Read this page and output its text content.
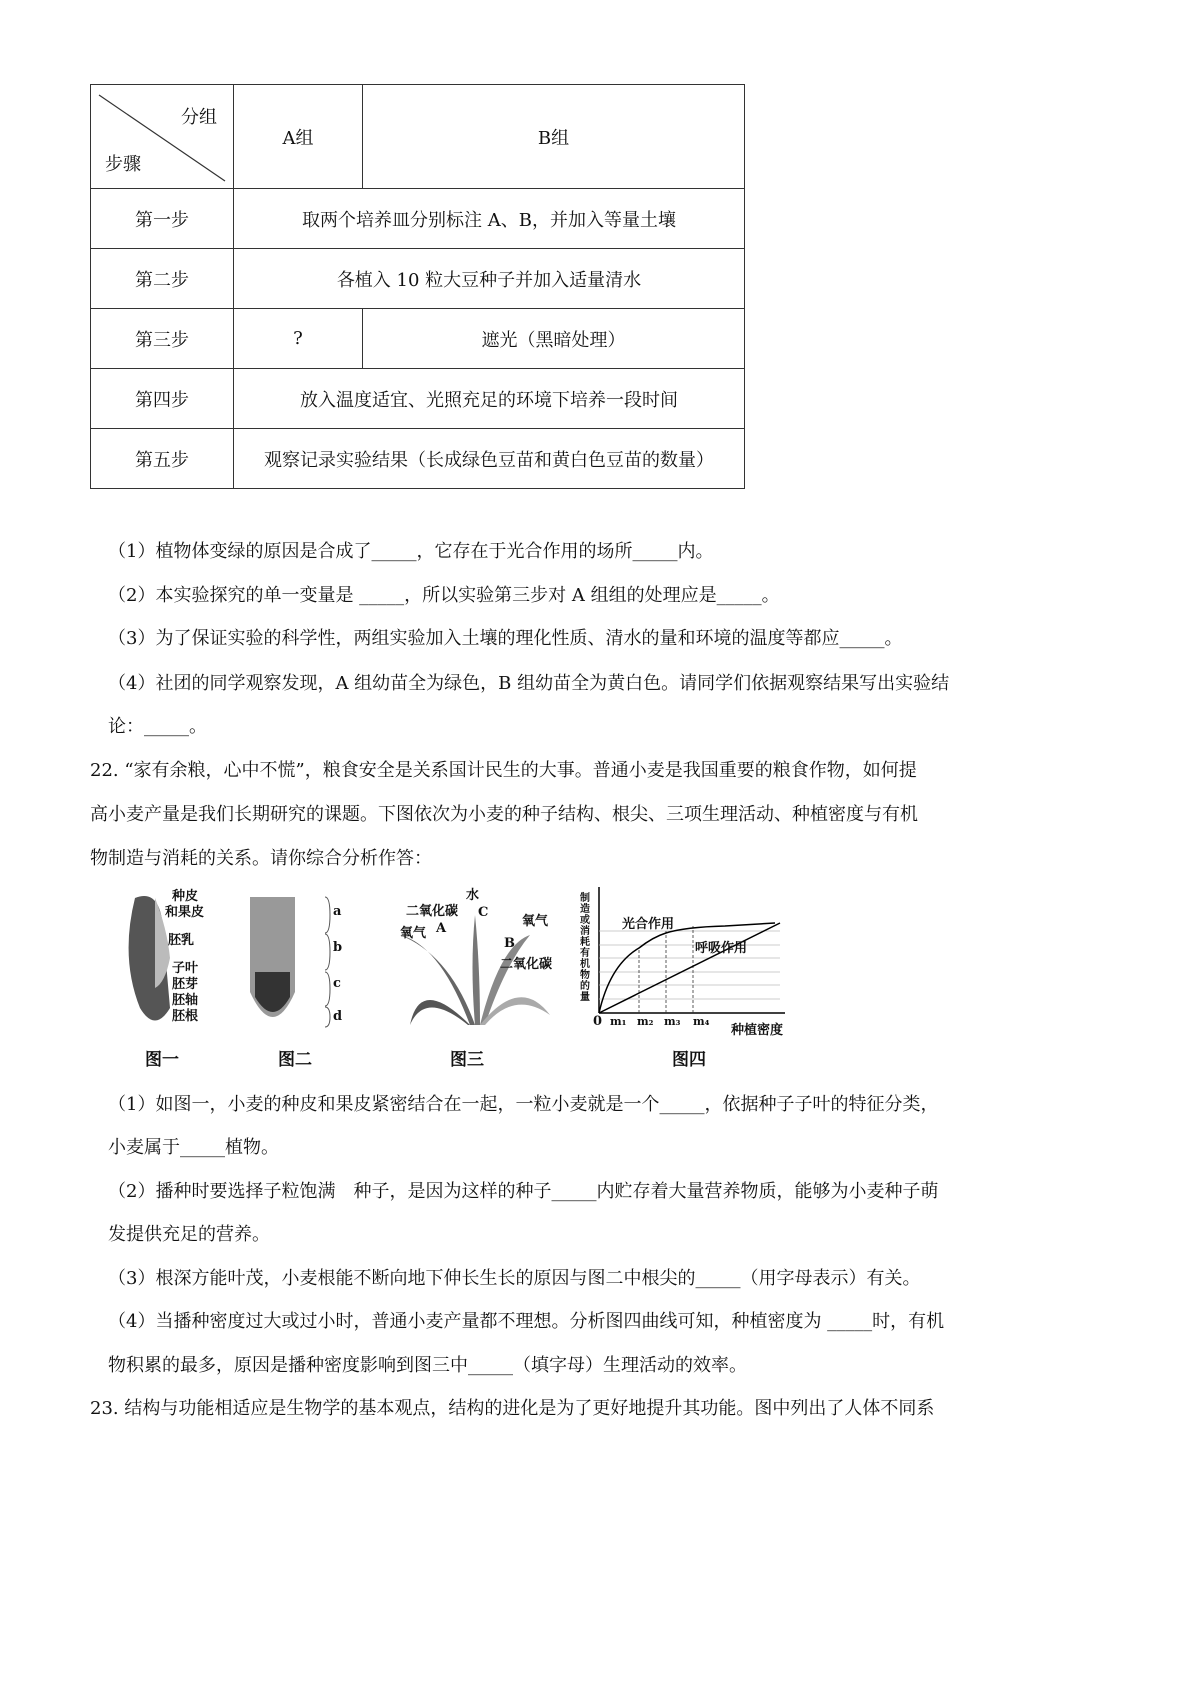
分组
步骤	A组	B组
第一步	取两个培养皿分别标注 A、B，并加入等量土壤	
第二步	各植入 10 粒大豆种子并加入适量清水	
第三步	?	遮光（黑暗处理）
第四步	放入温度适宜、光照充足的环境下培养一段时间	
第五步	观察记录实验结果（长成绿色豆苗和黄白色豆苗的数量）	
（1）植物体变绿的原因是合成了_____，它存在于光合作用的场所_____内。
（2）本实验探究的单一变量是 _____，所以实验第三步对 A 组组的处理应是_____。
（3）为了保证实验的科学性，两组实验加入土壤的理化性质、清水的量和环境的温度等都应_____。
（4）社团的同学观察发现，A 组幼苗全为绿色，B 组幼苗全为黄白色。请同学们依据观察结果写出实验结
论：_____。
22. “家有余粮，心中不慌”，粮食安全是关系国计民生的大事。普通小麦是我国重要的粮食作物，如何提
高小麦产量是我们长期研究的课题。下图依次为小麦的种子结构、根尖、三项生理活动、种植密度与有机
物制造与消耗的关系。请你综合分析作答：
种皮
和果皮
胚乳
子叶
胚芽
胚轴
胚根
图一
a
b
c
d
图二
二氧化碳
水
C
氧气 A	氧气
B
二氧化碳
图三
制造或消耗有机物的量
光合作用
呼吸作用
0 m₁ m₂ m₃ m₄
种植密度
图四
（1）如图一，小麦的种皮和果皮紧密结合在一起，一粒小麦就是一个_____，依据种子子叶的特征分类，
小麦属于_____植物。
（2）播种时要选择子粒饱满　种子，是因为这样的种子_____内贮存着大量营养物质，能够为小麦种子萌
发提供充足的营养。
（3）根深方能叶茂，小麦根能不断向地下伸长生长的原因与图二中根尖的_____（用字母表示）有关。
（4）当播种密度过大或过小时，普通小麦产量都不理想。分析图四曲线可知，种植密度为 _____时，有机
物积累的最多，原因是播种密度影响到图三中_____（填字母）生理活动的效率。
23. 结构与功能相适应是生物学的基本观点，结构的进化是为了更好地提升其功能。图中列出了人体不同系
